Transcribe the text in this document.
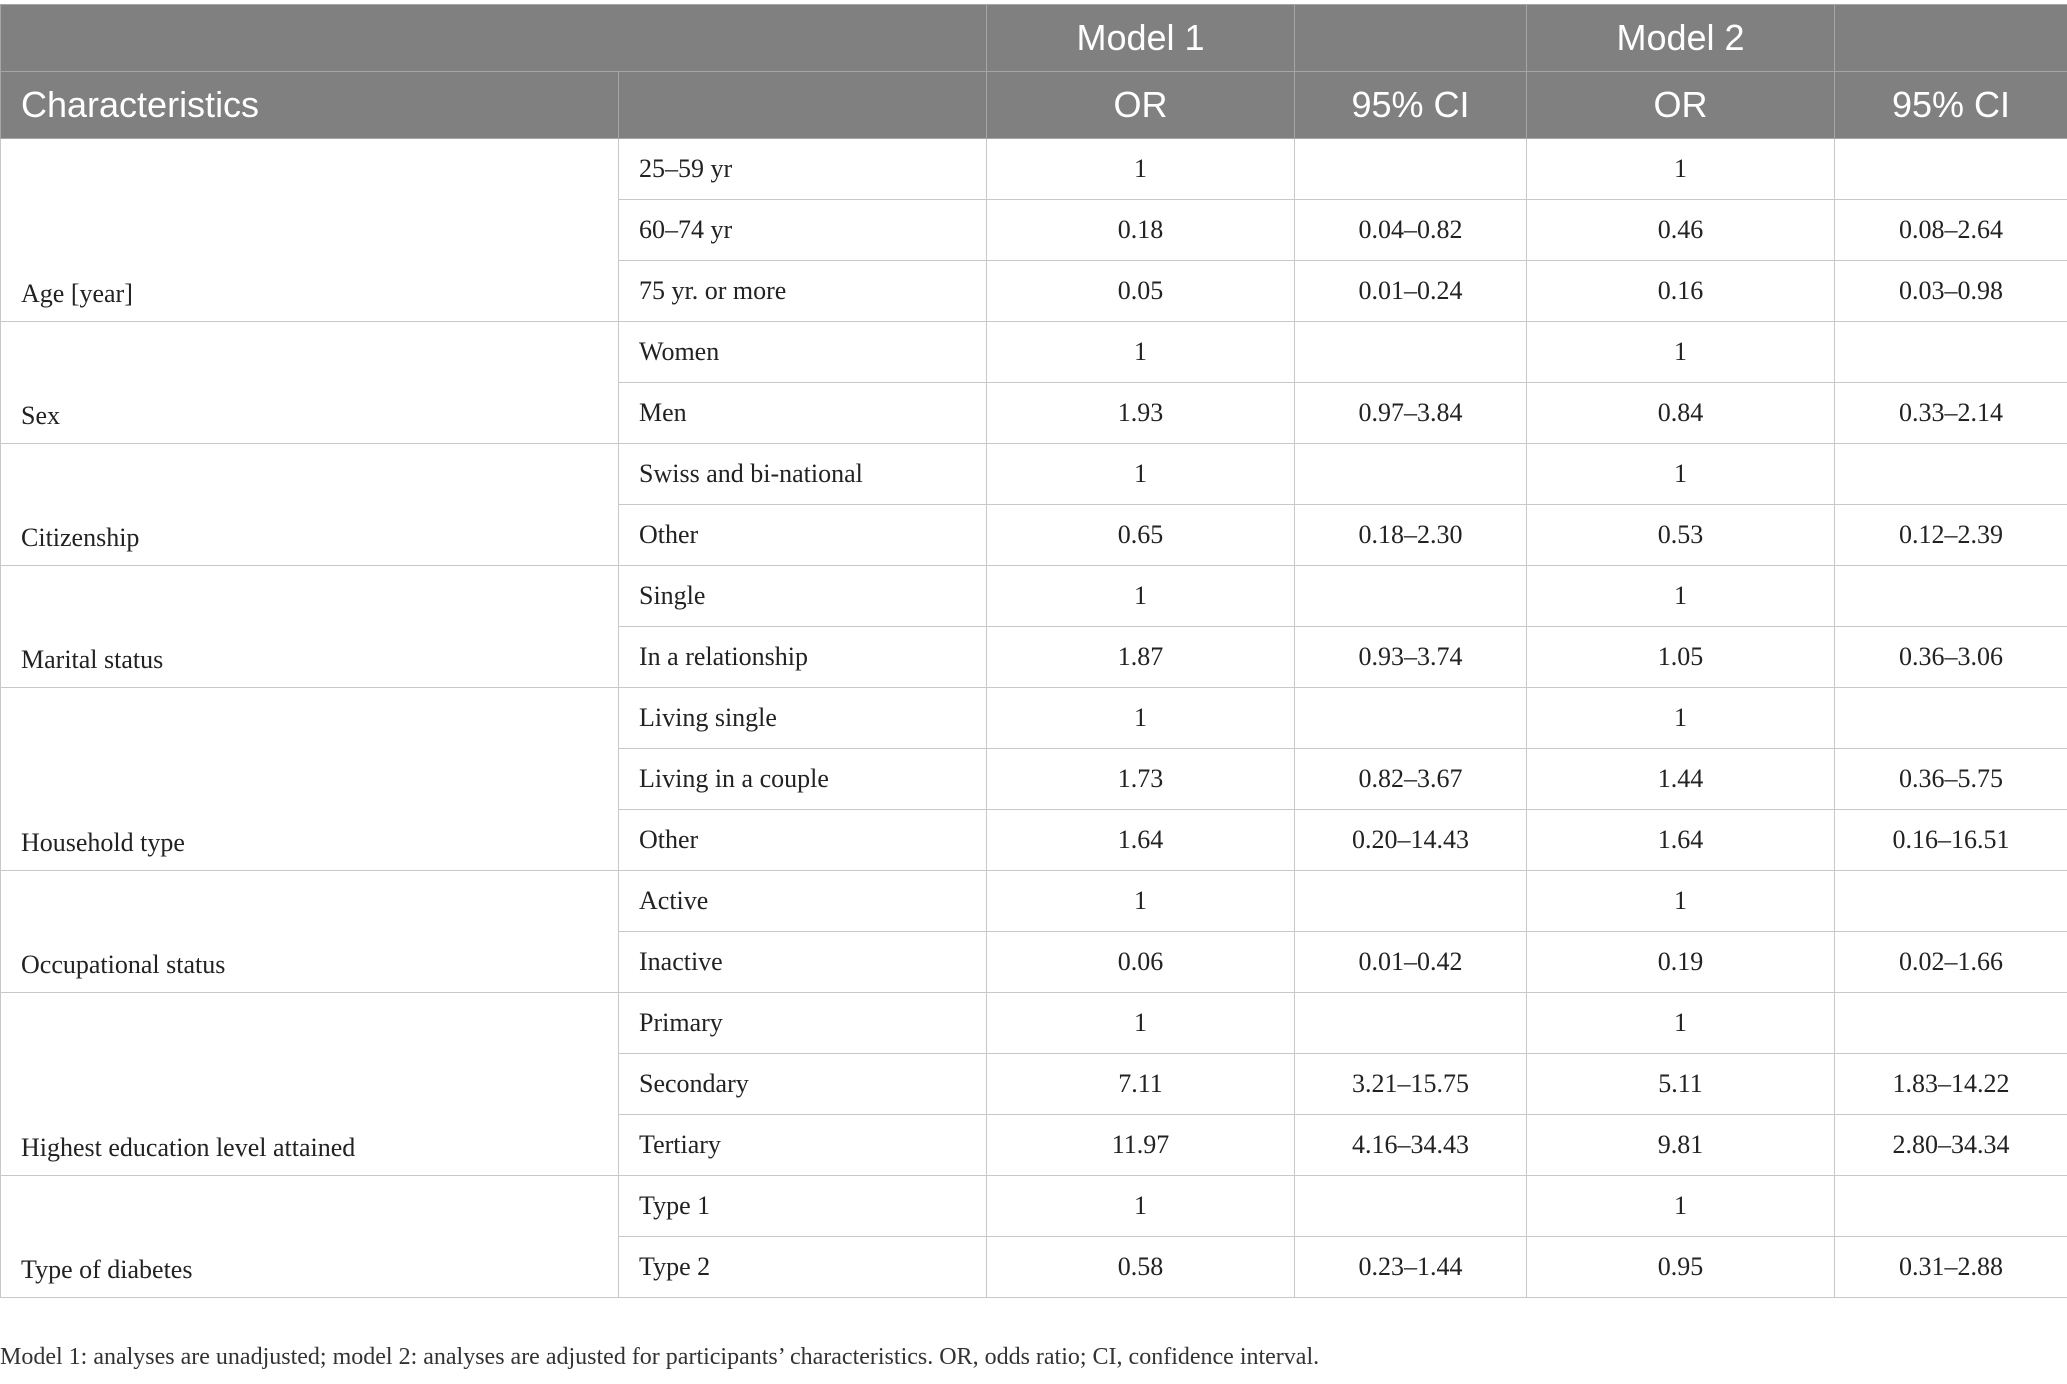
		Model 1		Model 2	
Characteristics		OR	95% CI	OR	95% CI
Age [year]	25–59 yr	1		1	
	60–74 yr	0.18	0.04–0.82	0.46	0.08–2.64
	75 yr. or more	0.05	0.01–0.24	0.16	0.03–0.98
Sex	Women	1		1	
	Men	1.93	0.97–3.84	0.84	0.33–2.14
Citizenship	Swiss and bi-national	1		1	
	Other	0.65	0.18–2.30	0.53	0.12–2.39
Marital status	Single	1		1	
	In a relationship	1.87	0.93–3.74	1.05	0.36–3.06
Household type	Living single	1		1	
	Living in a couple	1.73	0.82–3.67	1.44	0.36–5.75
	Other	1.64	0.20–14.43	1.64	0.16–16.51
Occupational status	Active	1		1	
	Inactive	0.06	0.01–0.42	0.19	0.02–1.66
Highest education level attained	Primary	1		1	
	Secondary	7.11	3.21–15.75	5.11	1.83–14.22
	Tertiary	11.97	4.16–34.43	9.81	2.80–34.34
Type of diabetes	Type 1	1		1	
	Type 2	0.58	0.23–1.44	0.95	0.31–2.88
Model 1: analyses are unadjusted; model 2: analyses are adjusted for participants’ characteristics. OR, odds ratio; CI, confidence interval.
